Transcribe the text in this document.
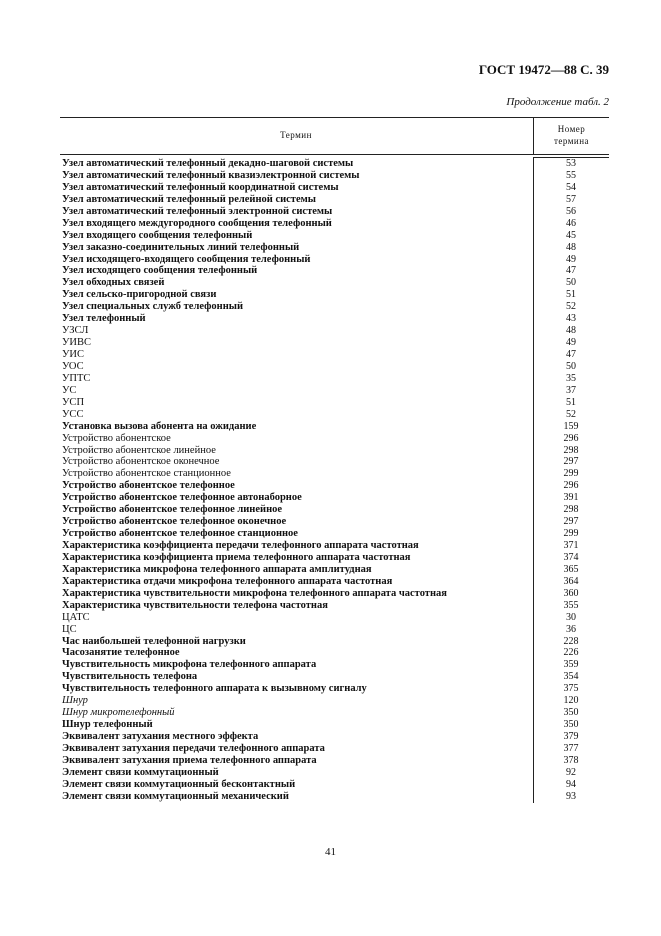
ГОСТ 19472—88 С. 39
Продолжение табл. 2
Термин
Номер
термина
Узел автоматический телефонный декадно-шаговой системы	53
Узел автоматический телефонный квазиэлектронной системы	55
Узел автоматический телефонный координатной системы	54
Узел автоматический телефонный релейной системы	57
Узел автоматический телефонный электронной системы	56
Узел входящего междугородного сообщения телефонный	46
Узел входящего сообщения телефонный	45
Узел заказно-соединительных линий телефонный	48
Узел исходящего-входящего сообщения телефонный	49
Узел исходящего сообщения телефонный	47
Узел обходных связей	50
Узел сельско-пригородной связи	51
Узел специальных служб телефонный	52
Узел телефонный	43
УЗСЛ	48
УИВС	49
УИС	47
УОС	50
УПТС	35
УС	37
УСП	51
УСС	52
Установка вызова абонента на ожидание	159
Устройство абонентское	296
Устройство абонентское линейное	298
Устройство абонентское оконечное	297
Устройство абонентское станционное	299
Устройство абонентское телефонное	296
Устройство абонентское телефонное автонаборное	391
Устройство абонентское телефонное линейное	298
Устройство абонентское телефонное оконечное	297
Устройство абонентское телефонное станционное	299
Характеристика коэффициента передачи телефонного аппарата частотная	371
Характеристика коэффициента приема телефонного аппарата частотная	374
Характеристика микрофона телефонного аппарата амплитудная	365
Характеристика отдачи микрофона телефонного аппарата частотная	364
Характеристика чувствительности микрофона телефонного аппарата частотная	360
Характеристика чувствительности телефона частотная	355
ЦАТС	30
ЦС	36
Час наибольшей телефонной нагрузки	228
Часозанятие телефонное	226
Чувствительность микрофона телефонного аппарата	359
Чувствительность телефона	354
Чувствительность телефонного аппарата к вызывному сигналу	375
Шнур	120
Шнур микротелефонный	350
Шнур телефонный	350
Эквивалент затухания местного эффекта	379
Эквивалент затухания передачи телефонного аппарата	377
Эквивалент затухания приема телефонного аппарата	378
Элемент связи коммутационный	92
Элемент связи коммутационный бесконтактный	94
Элемент связи коммутационный механический	93
41
